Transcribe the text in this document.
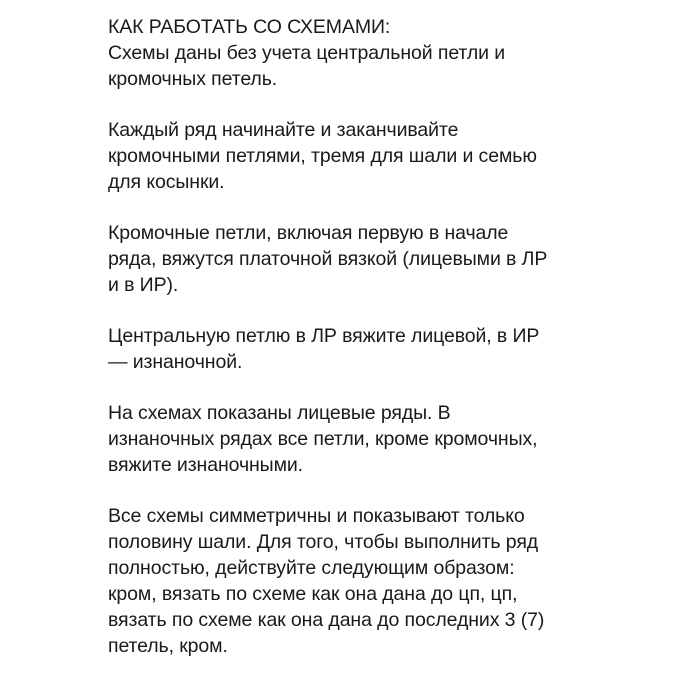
КАК РАБОТАТЬ СО СХЕМАМИ:
Схемы даны без учета центральной петли и
кромочных петель.
Каждый ряд начинайте и заканчивайте
кромочными петлями, тремя для шали и семью
для косынки.
Кромочные петли, включая первую в начале
ряда, вяжутся платочной вязкой (лицевыми в ЛР
и в ИР).
Центральную петлю в ЛР вяжите лицевой, в ИР
— изнаночной.
На схемах показаны лицевые ряды. В
изнаночных рядах все петли, кроме кромочных,
вяжите изнаночными.
Все схемы симметричны и показывают только
половину шали. Для того, чтобы выполнить ряд
полностью, действуйте следующим образом:
кром, вязать по схеме как она дана до цп, цп,
вязать по схеме как она дана до последних 3 (7)
петель, кром.
